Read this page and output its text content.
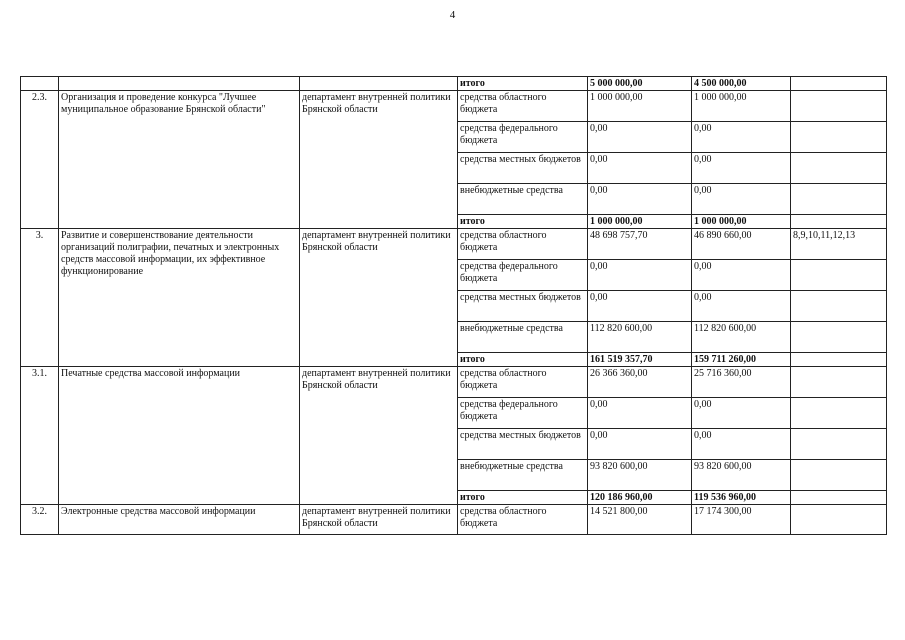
4
			итого	5 000 000,00	4 500 000,00	
2.3.	Организация и проведение конкурса "Лучшее муниципальное образование Брянской области"	департамент внутренней политики Брянской области	средства областного бюджета	1 000 000,00	1 000 000,00	
			средства федерального бюджета	0,00	0,00	
			средства местных бюджетов	0,00	0,00	
			внебюджетные средства	0,00	0,00	
			итого	1 000 000,00	1 000 000,00	
3.	Развитие и совершенствование деятельности организаций полиграфии, печатных и электронных средств массовой информации, их эффективное функционирование	департамент внутренней политики Брянской области	средства областного бюджета	48 698 757,70	46 890 660,00	8,9,10,11,12,13
			средства федерального бюджета	0,00	0,00	
			средства местных бюджетов	0,00	0,00	
			внебюджетные средства	112 820 600,00	112 820 600,00	
			итого	161 519 357,70	159 711 260,00	
3.1.	Печатные средства массовой информации	департамент внутренней политики Брянской области	средства областного бюджета	26 366 360,00	25 716 360,00	
			средства федерального бюджета	0,00	0,00	
			средства местных бюджетов	0,00	0,00	
			внебюджетные средства	93 820 600,00	93 820 600,00	
			итого	120 186 960,00	119 536 960,00	
3.2.	Электронные средства массовой информации	департамент внутренней политики Брянской области	средства областного бюджета	14 521 800,00	17 174 300,00	
